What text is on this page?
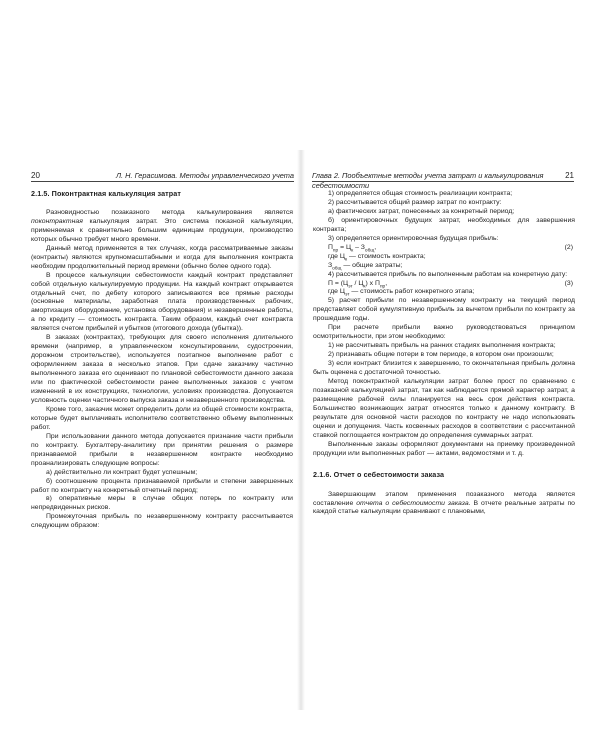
20	Л. Н. Герасимова. Методы управленческого учета Глава 2. Пообъектные методы учета затрат и калькулирования себестоимости
21
2.1.5. Поконтрактная калькуляция затрат

Разновидностью позаказного метода калькулирования является поконтрактная калькуляция затрат. Это система показной калькуляции, применяемая к сравнительно большим единицам продукции, производство которых обычно требует много времени.

Данный метод применяется в тех случаях, когда рассматриваемые заказы (контракты) являются крупномасштабными и когда для выполнения контракта необходим продолжительный период времени (обычно более одного года).

В процессе калькуляции себестоимости каждый контракт представляет собой отдельную калькулируемую продукции. На каждый контракт открывается отдельный счет, по дебету которого записываются все прямые расходы (основные материалы, заработная плата производственных рабочих, амортизация оборудование, установка оборудования) и незавершенные работы, а по кредиту — стоимость контракта. Таким образом, каждый счет контракта является счетом прибылей и убытков (итогового дохода (убытка)).

В заказах (контрактах), требующих для своего исполнения длительного времени (например, в управленческом консультировании, судостроении, дорожном строительстве), используется поэтапное выполнение работ с оформлением заказа в несколько этапов. При сдаче заказчику частично выполненного заказа его оценивают по плановой себестоимости данного заказа или по фактической себестоимости ранее выполненных заказов с учетом изменений в их конструкциях, технологии, условиях производства. Допускается условность оценки частичного выпуска заказа и незавершенного производства.

Кроме того, заказчик может определить доли из общей стоимости контракта, которые будет выплачивать исполнителю соответственно объему выполненных работ.

При использовании данного метода допускается признание части прибыли по контракту. Бухгалтеру-аналитику при принятии решения о размере признаваемой прибыли в незавершенном контракте необходимо проанализировать следующие вопросы:

а) действительно ли контракт будет успешным;

б) соотношение процента признаваемой прибыли и степени завершенных работ по контракту на конкретный отчетный период;

в) оперативные меры в случае общих потерь по контракту или непредвиденных рисков.

Промежуточная прибыль по незавершенному контракту рассчитывается следующим образом:

1) определяется общая стоимость реализации контракта;

2) рассчитывается общий размер затрат по контракту:

а) фактических затрат, понесенных за конкретный период;

б) ориентировочных будущих затрат, необходимых для завершения контракта;

3) определяется ориентировочная будущая прибыль:

$П_{пр} = Ц_к - З_{общ}$,	(2)

где $Ц_к$ — стоимость контракта;

$З_{общ}$ — общие затраты;

4) рассчитывается прибыль по выполненным работам на конкретную дату:

$П = (Ц_{эт} / Ц_к)$ х $П_{пр}$,	(3)

где $Ц_{эт}$ — стоимость работ конкретного этапа;

5) расчет прибыли по незавершенному контракту на текущий период представляет собой кумулятивную прибыль за вычетом прибыли по контракту за прошедшие годы.

При расчете прибыли важно руководствоваться принципом осмотрительности, при этом необходимо:

1) не рассчитывать прибыль на ранних стадиях выполнения контракта;

2) признавать общие потери в том периоде, в котором они произошли;

3) если контракт близится к завершению, то окончательная прибыль должна быть оценена с достаточной точностью.

Метод поконтрактной калькуляции затрат более прост по сравнению с позаказной калькуляцией затрат, так как наблюдается прямой характер затрат, а размещение рабочей силы планируется на весь срок действия контракта. Большинство возникающих затрат относятся только к данному контракту. В результате для основной части расходов по контракту не надо использовать оценки и допущения. Часть косвенных расходов в соответствии с рассчитанной ставкой поглощается контрактом до определения суммарных затрат.

Выполненные заказы оформляют документами на приемку произведенной продукции или выполненных работ — актами, ведомостями и т. д.

2.1.6. Отчет о себестоимости заказа

Завершающим этапом применения позаказного метода является составление отчета о себестоимости заказа. В отчете реальные затраты по каждой статье калькуляции сравнивают с плановыми,
